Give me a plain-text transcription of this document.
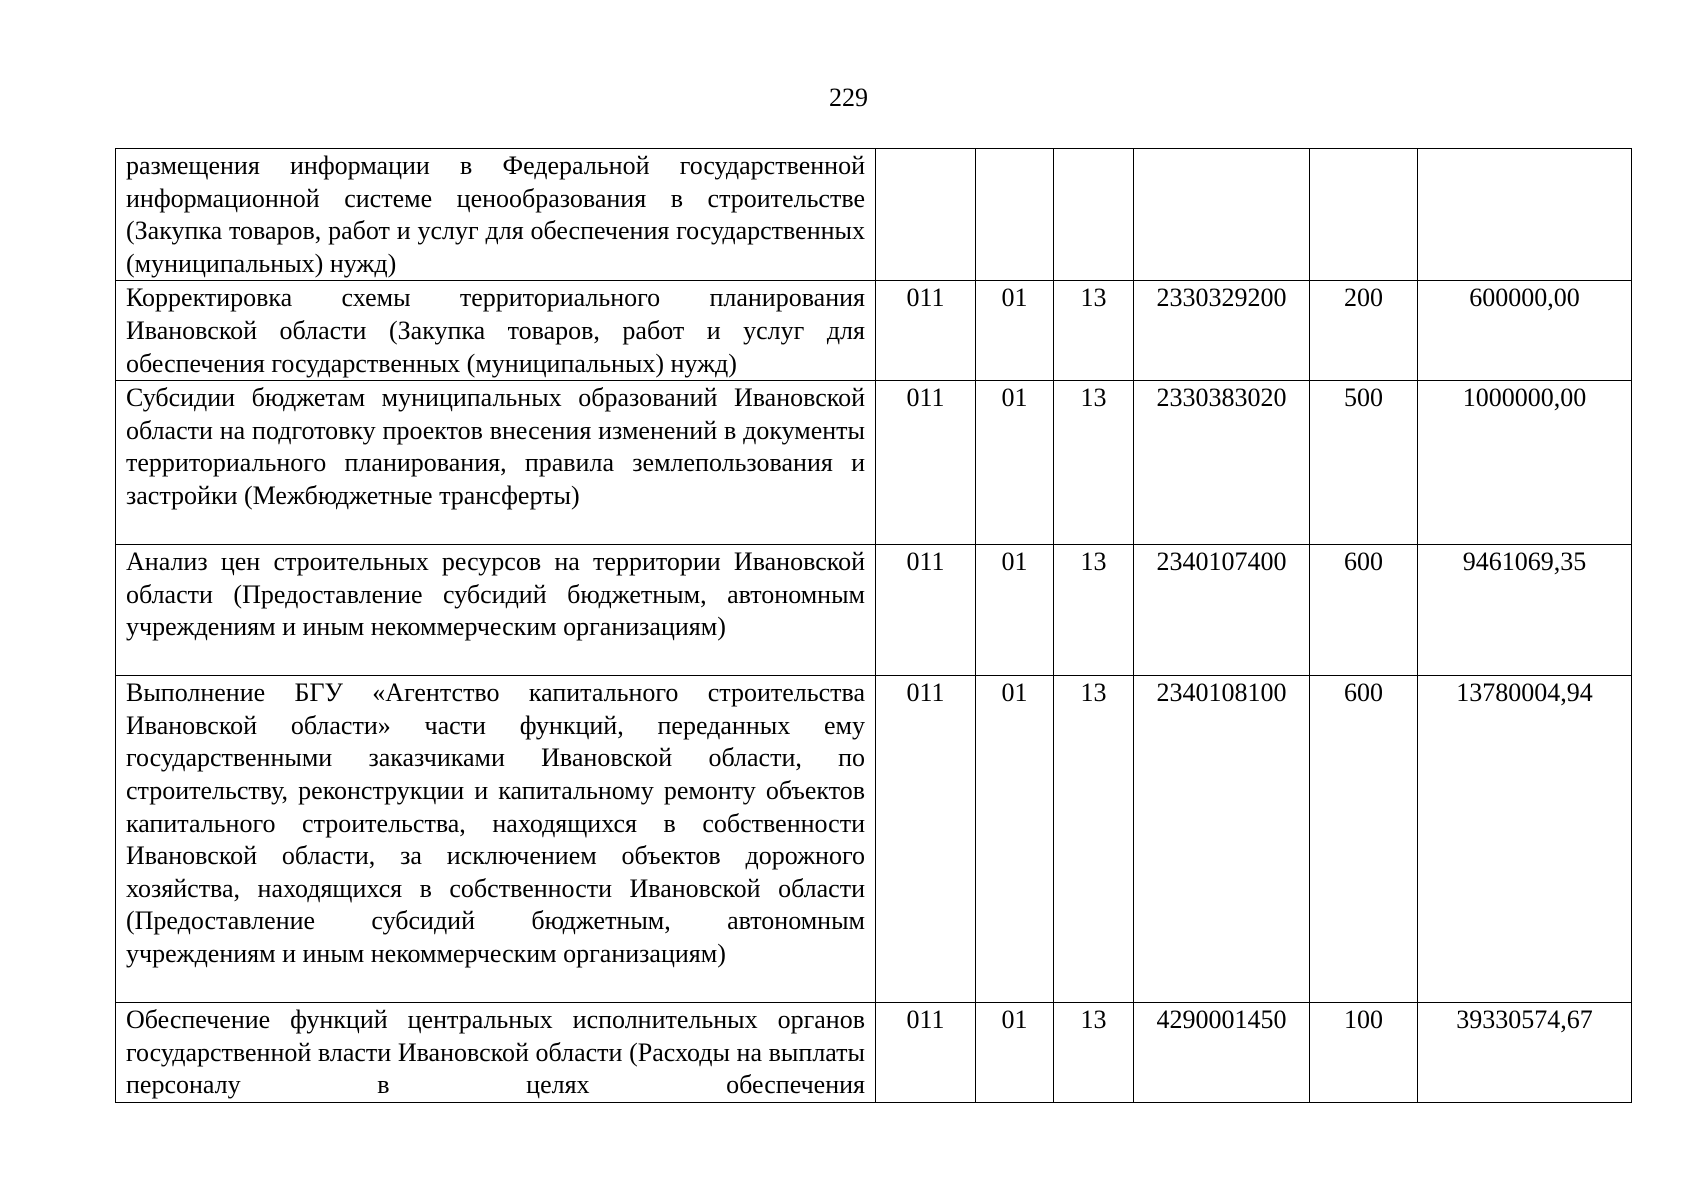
229
размещения информации в Федеральной государственной информационной системе ценообразования в строительстве (Закупка товаров, работ и услуг для обеспечения государственных (муниципальных) нужд)						
Корректировка схемы территориального планирования Ивановской области (Закупка товаров, работ и услуг для обеспечения государственных (муниципальных) нужд)	011	01	13	2330329200	200	600000,00
Субсидии бюджетам муниципальных образований Ивановской области на подготовку проектов внесения изменений в документы территориального планирования, правила землепользования и застройки (Межбюджетные трансферты)	011	01	13	2330383020	500	1000000,00
Анализ цен строительных ресурсов на территории Ивановской области (Предоставление субсидий бюджетным, автономным учреждениям и иным некоммерческим организациям)	011	01	13	2340107400	600	9461069,35
Выполнение БГУ «Агентство капитального строительства Ивановской области» части функций, переданных ему государственными заказчиками Ивановской области, по строительству, реконструкции и капитальному ремонту объектов капитального строительства, находящихся в собственности Ивановской области, за исключением объектов дорожного хозяйства, находящихся в собственности Ивановской области (Предоставление субсидий бюджетным, автономным учреждениям и иным некоммерческим организациям)	011	01	13	2340108100	600	13780004,94
Обеспечение функций центральных исполнительных органов государственной власти Ивановской области (Расходы на выплаты персоналу в целях обеспечения	011	01	13	4290001450	100	39330574,67
